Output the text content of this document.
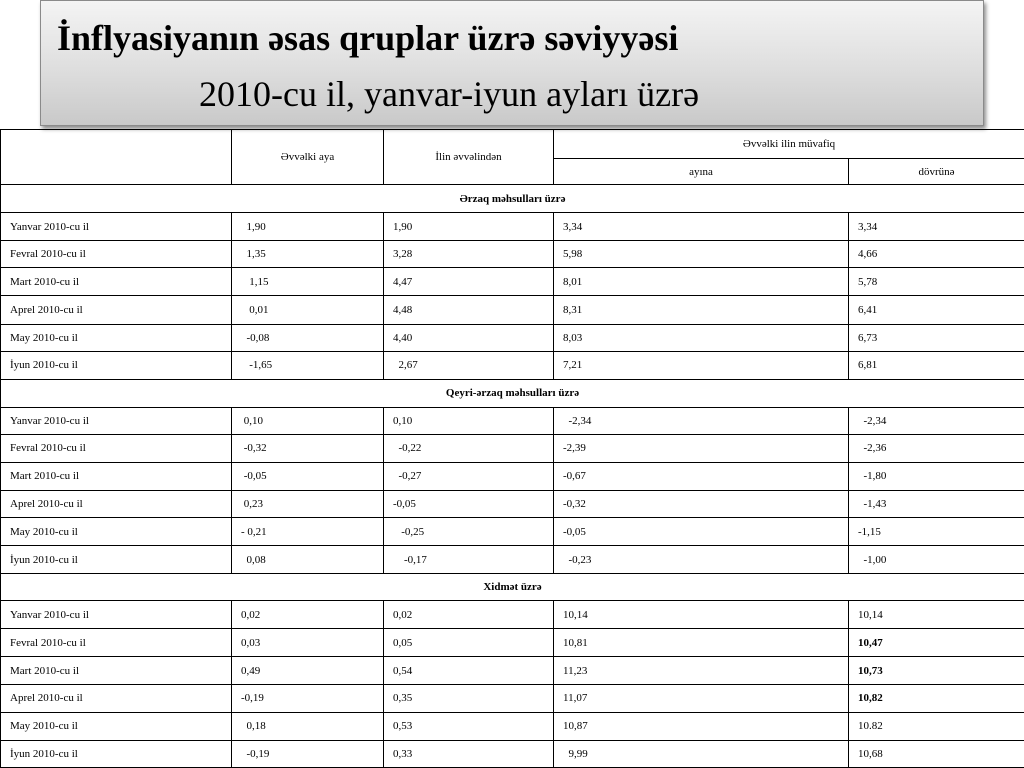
İnflyasiyanın əsas qruplar üzrə səviyyəsi
2010-cu il, yanvar-iyun ayları üzrə
	Əvvəlki aya	İlin əvvəlindən	Əvvəlki ilin müvafiq	
			ayına	dövrünə
Ərzaq məhsulları üzrə				
Yanvar 2010-cu il	1,90	1,90	3,34	3,34
Fevral 2010-cu il	1,35	3,28	5,98	4,66
Mart 2010-cu il	1,15	4,47	8,01	5,78
Aprel 2010-cu il	0,01	4,48	8,31	6,41
May 2010-cu il	-0,08	4,40	8,03	6,73
İyun 2010-cu il	-1,65	2,67	7,21	6,81
Qeyri-ərzaq məhsulları üzrə				
Yanvar 2010-cu il	0,10	0,10	-2,34	-2,34
Fevral 2010-cu il	-0,32	-0,22	-2,39	-2,36
Mart 2010-cu il	-0,05	-0,27	-0,67	-1,80
Aprel 2010-cu il	0,23	-0,05	-0,32	-1,43
May 2010-cu il	- 0,21	-0,25	-0,05	-1,15
İyun 2010-cu il	0,08	-0,17	-0,23	-1,00
Xidmət üzrə				
Yanvar 2010-cu il	0,02	0,02	10,14	10,14
Fevral 2010-cu il	0,03	0,05	10,81	10,47
Mart 2010-cu il	0,49	0,54	11,23	10,73
Aprel 2010-cu il	-0,19	0,35	11,07	10,82
May 2010-cu il	0,18	0,53	10,87	10.82
İyun 2010-cu il	-0,19	0,33	9,99	10,68
